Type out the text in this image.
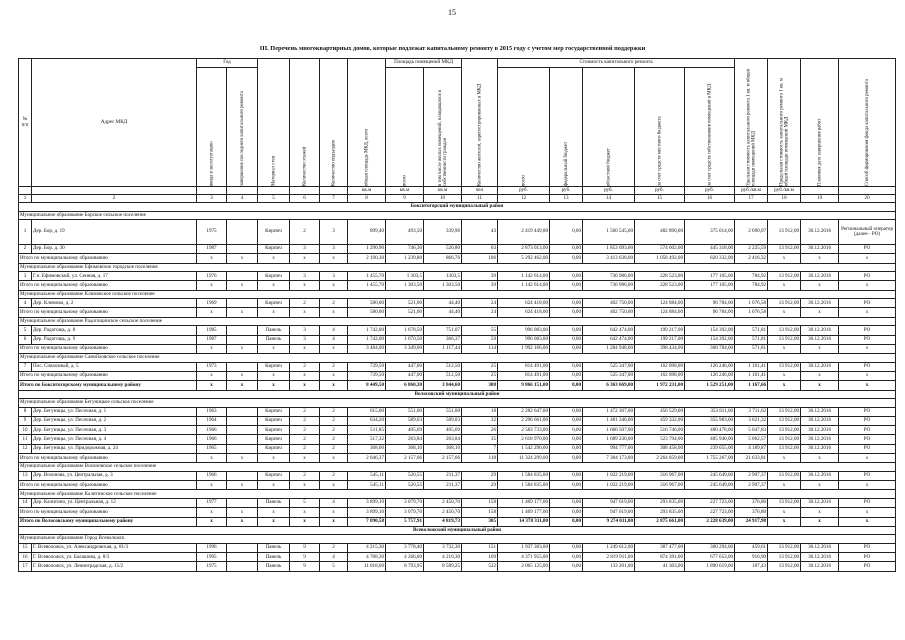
15
III. Перечень многоквартирных домов, которые подлежат капитальному ремонту в 2015 году с учетом мер государственной поддержки
№ п/п	Адрес МКД	Год		Материал стен	Количество этажей	Количество подъездов	общая площадь МКД, всего	Площадь помещений МКД		Количество жителей, зарегистрированных в МКД	Стоимость капитального ремонта					Удельная стоимость капитального ремонта 1 кв. м общей площади помещений МКД	Предельная стоимость капитального ремонта 1 кв. м общей площади помещений МКД	Плановая дата завершения работ	Способ формирования фонда капитального ремонта
		ввода в эксплуатацию	завершение последнего капитального ремонта					всего	в том числе жилых помещений, находящихся в собственности граждан		всего	федеральный бюджет	областной бюджет	за счет средств местного бюджета	за счет средств собственников помещений в МКД				
							кв.м	кв.м	кв.м	чел	руб.	руб.	руб.	руб.	руб.	руб./кв.м	руб./кв.м		
1	2	3	4	5	6	7	8	9	10	11	12	13	14	15	16	17	18	19	20
Бокситогорский муниципальный район																			
Муниципальное образование Борское сельское поселение																			
1	Дер. Бор, д. 19	1975		Кирпич	2	3	899,40	493,50	339,96	43	2 419 449,00	0,00	1 560 545,00	482 890,00	375 014,00	2 690,07	13 912,00	30.12.2016	Региональный оператор (далее - РО)
2	Дер. Бор, д. 30	1987		Кирпич	3	3	1 290,90	746,30	526,80	63	2 873 013,00	0,00	1 853 093,00	574 602,00	445 318,00	2 225,59	13 912,00	30.12.2016	РО
Итого по муниципальному образованию		x	x	x	x	x	2 190,30	1 239,80	866,76	106	5 292 462,00	0,00	3 413 638,00	1 058 492,00	820 332,00	2 416,32	x	x	x
Муниципальное образование Ефимовское городское поселение																			
3	Г.п. Ефимовский, ул. Сенная, д. 17	1976		Кирпич	3	3	1 455,70	1 303,5	1303,5	39	1 142 614,00	0,00	736 986,00	228 523,00	177 105,00	784,92	13 912,00	30.12.2016	РО
Итого по муниципальному образованию		x	x	x	x	x	1 455,70	1 303,50	1 303,50	39	1 142 614,00	0,00	736 986,00	228 523,00	177 105,00	784,92	x	x	x
Муниципальное образование Климовское сельское поселение																			
4	Дер. Климово, д. 2	1969		Кирпич	2	2	580,00	521,00	44,40	24	624 418,00	0,00	402 750,00	124 884,00	96 784,00	1 076,58	13 912,00	30.12.2016	РО
Итого по муниципальному образованию		x	x	x	x	x	580,00	521,00	44,40	24	624 418,00	0,00	402 750,00	124 884,00	96 784,00	1 076,58	x	x	x
Муниципальное образование Радогощинское сельское поселение																			
5	Дер. Радогощь, д. 8	1985		Панель	3	4	1 742,00	1 678,50	751,07	55	996 083,00	0,00	642 474,00	199 217,00	154 392,00	571,81	13 912,00	30.12.2016	РО
6	Дер. Радогощь, д. 9	1987		Панель	3	4	1 742,00	1 670,50	366,37	59	996 083,00	0,00	642 474,00	199 217,00	154 392,00	571,81	13 912,00	30.12.2016	РО
Итого по муниципальному образованию		x	x	x	x	x	3 484,00	3 349,00	1 117,44	114	1 992 166,00	0,00	1 284 948,00	398 434,00	308 784,00	571,81	x	x	x
Муниципальное образование Самойловское сельское поселение																			
7	Пос. Совхозный, д. 5	1973		Кирпич	2	2	739,50	447,00	512,50	25	814 491,00	0,00	525 347,00	162 898,00	126 246,00	1 101,41	13 912,00	30.12.2016	РО
Итого по муниципальному образованию		x	x	x	x	x	739,50	447,00	512,50	25	814 491,00	0,00	525 347,00	162 898,00	126 246,00	1 101,41	x	x	x
Итого по Бокситогорскому муниципальному району		x	x	x	x	x	8 449,50	6 860,30	3 844,60	308	9 866 151,00	0,00	6 363 669,00	1 972 231,00	1 529 251,00	1 167,66	x	x	x
Волосовский муниципальный район																			
Муниципальное образование Бегуницкое сельское поселение																			
8	Дер. Бегуницы, ул. Песочная, д. 1	1963		Кирпич	2	2	615,00	551,00	551,00	18	2 282 647,00	0,00	1 472 307,00	456 529,00	353 811,00	3 711,62	13 912,00	30.12.2016	РО
9	Дер. Бегуницы, ул. Песочная, д. 2	1964		Кирпич	2	2	634,20	589,03	589,03	32	2 296 661,00	0,00	1 481 346,00	459 332,00	355 983,00	3 621,32	13 912,00	30.12.2016	РО
10	Дер. Бегуницы, ул. Песочная, д. 3	1966		Кирпич	2	2	511,85	405,69	405,69	26	2 583 733,00	0,00	1 666 507,00	516 746,00	400 478,00	5 047,83	13 912,00	30.12.2016	РО
11	Дер. Бегуницы, ул. Песочная, д. 4	1966		Кирпич	2	2	517,32	263,84	263,84	35	2 618 970,00	0,00	1 689 236,00	523 794,00	405 940,00	5 062,57	13 912,00	30.12.2016	РО
12	Дер. Бегуницы, ул. Придорожная, д. 24	1965		Кирпич	2	2	368,00	368,10	368,10	7	1 542 290,00	0,00	994 777,00	308 458,00	239 055,00	4 189,87	13 912,00	30.12.2016	РО
Итого по муниципальному образованию		x	x	x	x	x	2 646,37	2 157,66	2 157,66	118	11 324 299,00	0,00	7 304 173,00	2 264 859,00	1 755 267,00	21 633,81	x	x	x
Муниципальное образование Вохоновское сельское поселение																			
13	Дер. Вохонова, ул. Центральная, д. 3	1966		Кирпич	2	2	545,11	520,55	211,37	29	1 584 835,00	0,00	1 022 219,00	316 967,00	245 649,00	2 907,37	13 912,00	30.12.2016	РО
Итого по муниципальному образованию		x	x	x	x	x	545,11	520,55	211,37	29	1 584 835,00	0,00	1 022 219,00	316 967,00	245 649,00	2 907,37	x	x	x
Муниципальное образование Калитинское сельское поселение																			
14	Дер. Калитино, ул. Центральная, д. 12	1977		Панель	5	4	3 899,10	3 079,70	2 450,70	158	1 469 177,00	0,00	947 619,00	293 835,00	227 723,00	376,80	13 912,00	30.12.2016	РО
Итого по муниципальному образованию		x	x	x	x	x	3 899,10	3 079,70	2 450,70	158	1 469 177,00	0,00	947 619,00	293 835,00	227 723,00	376,80	x	x	x
Итого по Волосовскому муниципальному району		x	x	x	x	x	7 090,58	5 757,91	4 819,73	305	14 378 311,00	0,00	9 274 011,00	2 875 661,00	2 228 639,00	24 917,98	x	x	x
Всеволожский муниципальный район																			
Муниципальное образование Город Всеволожск																			
15	Г. Всеволожск, ул. Александровская, д. 81/3	1996		Панель	9	2	4 215,30	3 778,40	3 732,30	151	1 937 383,00	0,00	1 249 612,00	387 477,00	300 294,00	459,61	13 912,00	30.12.2016	РО
16	Г. Всеволожск, ул. Балашова, д. 8/3	1995		Панель	9	4	4 768,30	4 266,00	4 210,30	169	4 371 955,00	0,00	2 819 911,00	874 391,00	677 653,00	916,90	13 912,00	30.12.2016	РО
17	Г. Всеволожск, ул. Ленинградская, д. 15/2	1975		Панель	9	5	11 018,00	8 793,95	8 589,25	522	2 065 125,00	0,00	133 201,00	41 303,00	1 890 619,00	187,43	13 912,00	30.12.2016	РО
